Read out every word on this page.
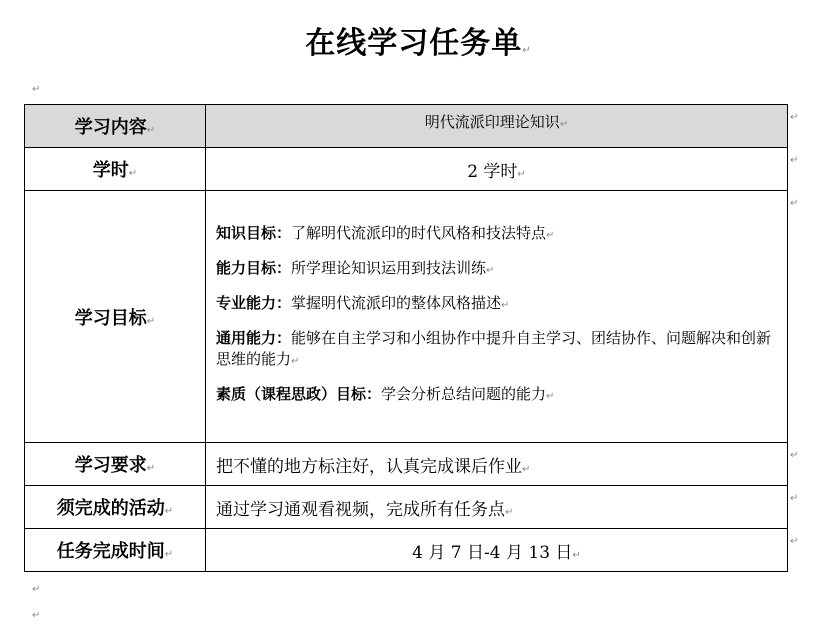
在线学习任务单↵
↵
学习内容↵	明代流派印理论知识↵
学时↵	2 学时↵
学习目标↵	知识目标：了解明代流派印的时代风格和技法特点↵
能力目标：所学理论知识运用到技法训练↵
专业能力：掌握明代流派印的整体风格描述↵
通用能力：能够在自主学习和小组协作中提升自主学习、团结协作、问题解决和创新思维的能力↵
素质（课程思政）目标：学会分析总结问题的能力↵

学习要求↵	把不懂的地方标注好，认真完成课后作业↵
须完成的活动↵	通过学习通观看视频，完成所有任务点↵
任务完成时间↵	4 月 7 日-4 月 13 日↵
↵
↵
↵
↵
↵
↵
↵
↵
